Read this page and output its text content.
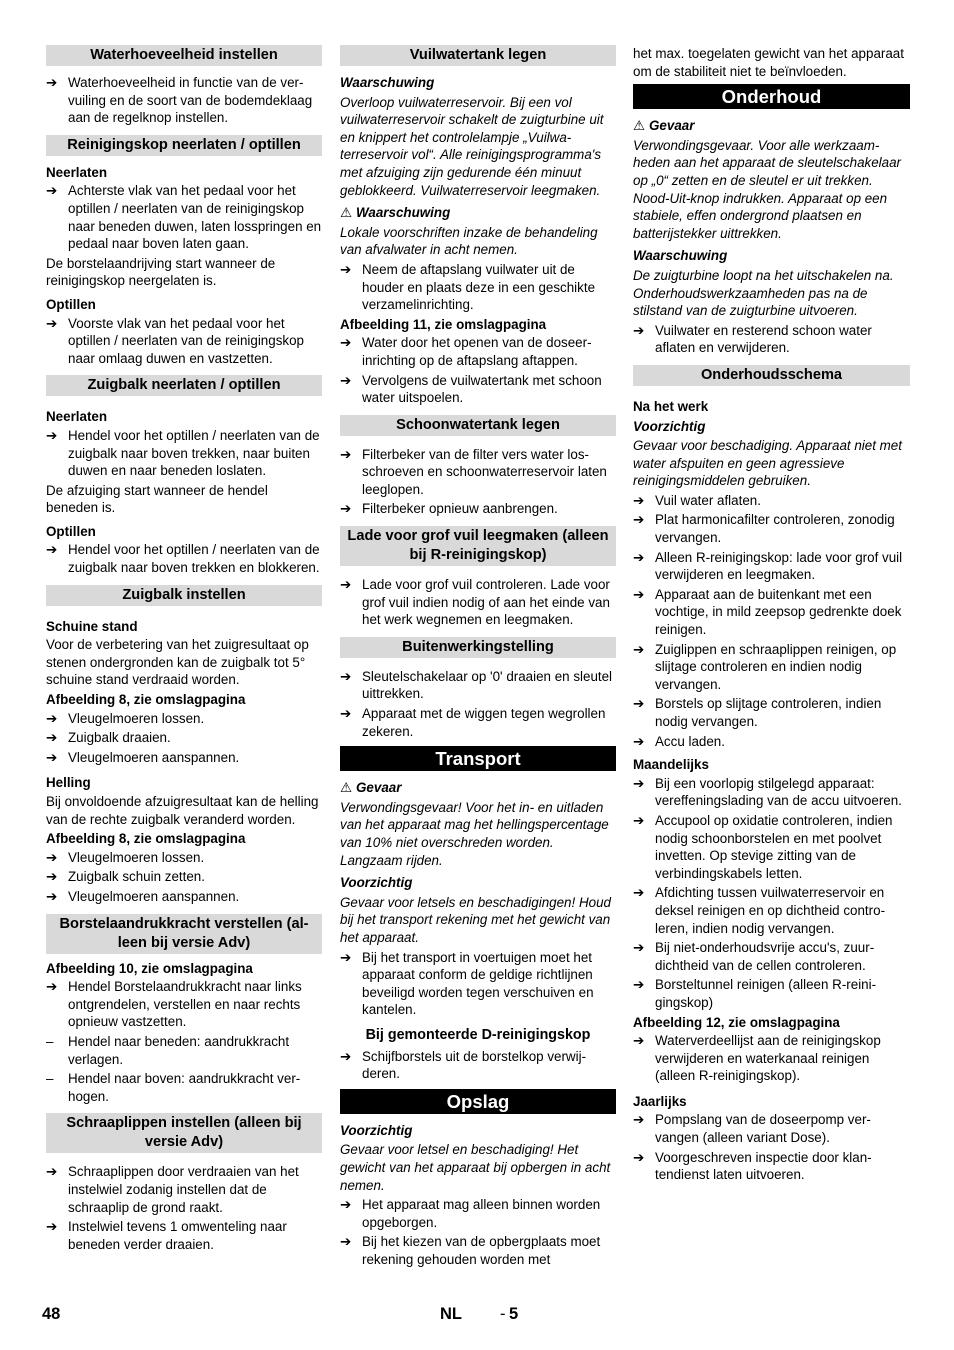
Waterhoeveelheid instellen
➔ Waterhoeveelheid in functie van de vervuiling en de soort van de bodemdeklaag aan de regelknop instellen.
Reinigingskop neerlaten / optillen
Neerlaten
➔ Achterste vlak van het pedaal voor het optillen / neerlaten van de reinigingskop naar beneden duwen, laten losspringen en pedaal naar boven laten gaan.

De borstelaandrijving start wanneer de reinigingskop neergelaten is.

Optillen
➔ Voorste vlak van het pedaal voor het optillen / neerlaten van de reinigingskop naar omlaag duwen en vastzetten.
Zuigbalk neerlaten / optillen
Neerlaten
➔ Hendel voor het optillen / neerlaten van de zuigbalk naar boven trekken, naar buiten duwen en naar beneden loslaten.

De afzuiging start wanneer de hendel beneden is.

Optillen
➔ Hendel voor het optillen / neerlaten van de zuigbalk naar boven trekken en blokkeren.
Zuigbalk instellen
Schuine stand

Voor de verbetering van het zuigresultaat op stenen ondergronden kan de zuigbalk tot 5° schuine stand verdraaid worden.

Afbeelding 8, zie omslagpagina
➔ Vleugelmoeren lossen.
➔ Zuigbalk draaien.
➔ Vleugelmoeren aanspannen.
Helling

Bij onvoldoende afzuigresultaat kan de helling van de rechte zuigbalk veranderd worden.

Afbeelding 8, zie omslagpagina
➔ Vleugelmoeren lossen.
➔ Zuigbalk schuin zetten.
➔ Vleugelmoeren aanspannen.
Borstelaandrukkracht verstellen (alleen bij versie Adv)
Afbeelding 10, zie omslagpagina
➔ Hendel Borstelaandrukkracht naar links ontgrendelen, verstellen en naar rechts opnieuw vastzetten.
–	Hendel naar beneden: aandrukkracht verlagen.
–	Hendel naar boven: aandrukkracht verhogen.
Schraaplippen instellen (alleen bij versie Adv)
➔ Schraaplippen door verdraaien van het instelwiel zodanig instellen dat de schraaplip de grond raakt.
➔ Instelwiel tevens 1 omwenteling naar beneden verder draaien.
Vuilwatertank legen
Waarschuwing

Overloop vuilwaterreservoir. Bij een vol vuilwaterreservoir schakelt de zuigturbine uit en knippert het controlelampje „Vuilwaterreservoir vol“. Alle reinigingsprogramma's met afzuiging zijn gedurende één minuut geblokkeerd. Vuilwaterreservoir leegmaken.

⚠ Waarschuwing

Lokale voorschriften inzake de behandeling van afvalwater in acht nemen.

➔ Neem de aftapslang vuilwater uit de houder en plaats deze in een geschikte verzamelinrichting.
Afbeelding 11, zie omslagpagina
➔ Water door het openen van de doseerinrichting op de aftapslang aftappen.
➔ Vervolgens de vuilwatertank met schoon water uitspoelen.
Schoonwatertank legen
➔ Filterbeker van de filter vers water losschroeven en schoonwaterreservoir laten leeglopen.
➔ Filterbeker opnieuw aanbrengen.
Lade voor grof vuil leegmaken (alleen bij R-reinigingskop)
➔ Lade voor grof vuil controleren. Lade voor grof vuil indien nodig of aan het einde van het werk wegnemen en leegmaken.
Buitenwerkingstelling
➔ Sleutelschakelaar op '0' draaien en sleutel uittrekken.
➔ Apparaat met de wiggen tegen wegrollen zekeren.
Transport
⚠ Gevaar

Verwondingsgevaar! Voor het in- en uitladen van het apparaat mag het hellingspercentage van 10% niet overschreden worden. Langzaam rijden.

Voorzichtig

Gevaar voor letsels en beschadigingen! Houd bij het transport rekening met het gewicht van het apparaat.

➔ Bij het transport in voertuigen moet het apparaat conform de geldige richtlijnen beveiligd worden tegen verschuiven en kantelen.
Bij gemonteerde D-reinigingskop
➔ Schijfborstels uit de borstelkop verwijderen.
Opslag
Voorzichtig

Gevaar voor letsel en beschadiging! Het gewicht van het apparaat bij opbergen in acht nemen.

➔ Het apparaat mag alleen binnen worden opgeborgen.
➔ Bij het kiezen van de opbergplaats moet rekening gehouden worden met

het max. toegelaten gewicht van het apparaat om de stabiliteit niet te beïnvloeden.

Onderhoud
⚠ Gevaar

Verwondingsgevaar. Voor alle werkzaamheden aan het apparaat de sleutelschakelaar op „0“ zetten en de sleutel er uit trekken. Nood-Uit-knop indrukken. Apparaat op een stabiele, effen ondergrond plaatsen en batterijstekker uittrekken.

Waarschuwing

De zuigturbine loopt na het uitschakelen na. Onderhoudswerkzaamheden pas na de stilstand van de zuigturbine uitvoeren.

➔ Vuilwater en resterend schoon water aflaten en verwijderen.
Onderhoudsschema
Na het werk
Voorzichtig

Gevaar voor beschadiging. Apparaat niet met water afspuiten en geen agressieve reinigingsmiddelen gebruiken.

➔ Vuil water aflaten.
➔ Plat harmonicafilter controleren, zonodig vervangen.
➔ Alleen R-reinigingskop: lade voor grof vuil verwijderen en leegmaken.
➔ Apparaat aan de buitenkant met een vochtige, in mild zeepsop gedrenkte doek reinigen.
➔ Zuiglippen en schraaplippen reinigen, op slijtage controleren en indien nodig vervangen.
➔ Borstels op slijtage controleren, indien nodig vervangen.
➔ Accu laden.
Maandelijks
➔ Bij een voorlopig stilgelegd apparaat: vereffeningslading van de accu uitvoeren.
➔ Accupool op oxidatie controleren, indien nodig schoonborstelen en met poolvet invetten. Op stevige zitting van de verbindingskabels letten.
➔ Afdichting tussen vuilwaterreservoir en deksel reinigen en op dichtheid controleren, indien nodig vervangen.
➔ Bij niet-onderhoudsvrije accu's, zuurdichtheid van de cellen controleren.
➔ Borsteltunnel reinigen (alleen R-reinigingskop)
Afbeelding 12, zie omslagpagina
➔ Waterverdeellijst aan de reinigingskop verwijderen en waterkanaal reinigen (alleen R-reinigingskop).
Jaarlijks
➔ Pompslang van de doseerpomp vervangen (alleen variant Dose).
➔ Voorgeschreven inspectie door klantendienst laten uitvoeren.
48	NL - 5
